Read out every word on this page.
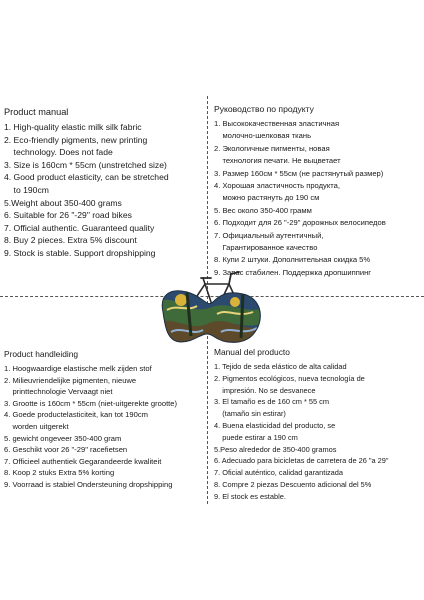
Product manual
1. High-quality elastic milk silk fabric
2. Eco-friendly pigments, new printing
technology. Does not fade
3. Size is 160cm * 55cm (unstretched size)
4. Good product elasticity, can be stretched
to 190cm
5.Weight about 350-400 grams
6. Suitable for 26 "-29" road bikes
7. Official authentic. Guaranteed quality
8. Buy 2 pieces. Extra 5% discount
9. Stock is stable. Support dropshipping
Руководство по продукту
1. Высококачественная эластичная
молочно-шелковая ткань
2. Экологичные пигменты, новая
технология печати. Не выцветает
3. Размер 160см * 55см (не растянутый размер)
4. Хорошая эластичность продукта,
можно растянуть до 190 см
5. Вес около 350-400 грамм
6. Подходит для 26 "-29" дорожных велосипедов
7. Официальный аутентичный,
Гарантированное качество
8. Купи 2 штуки. Дополнительная скидка 5%
9. Запас стабилен. Поддержка дропшиппинг
Product handleiding
1. Hoogwaardige elastische melk zijden stof
2. Milieuvriendelijke pigmenten, nieuwe
printtechnologie Vervaagt niet
3. Grootte is 160cm * 55cm (niet-uitgerekte grootte)
4. Goede productelasticiteit, kan tot 190cm
worden uitgerekt
5. gewicht ongeveer 350-400 gram
6. Geschikt voor 26 "-29" racefietsen
7. Officieel authentiek Gegarandeerde kwaliteit
8. Koop 2 stuks Extra 5% korting
9. Voorraad is stabiel Ondersteuning dropshipping
Manual del producto
1. Tejido de seda elástico de alta calidad
2. Pigmentos ecológicos, nueva tecnología de
impresión. No se desvanece
3. El tamaño es de 160 cm * 55 cm
(tamaño sin estirar)
4. Buena elasticidad del producto, se
puede estirar a 190 cm
5.Peso alrededor de 350-400 gramos
6. Adecuado para bicicletas de carretera de 26 "a 29"
7. Oficial auténtico, calidad garantizada
8. Compre 2 piezas Descuento adicional del 5%
9. El stock es estable.
